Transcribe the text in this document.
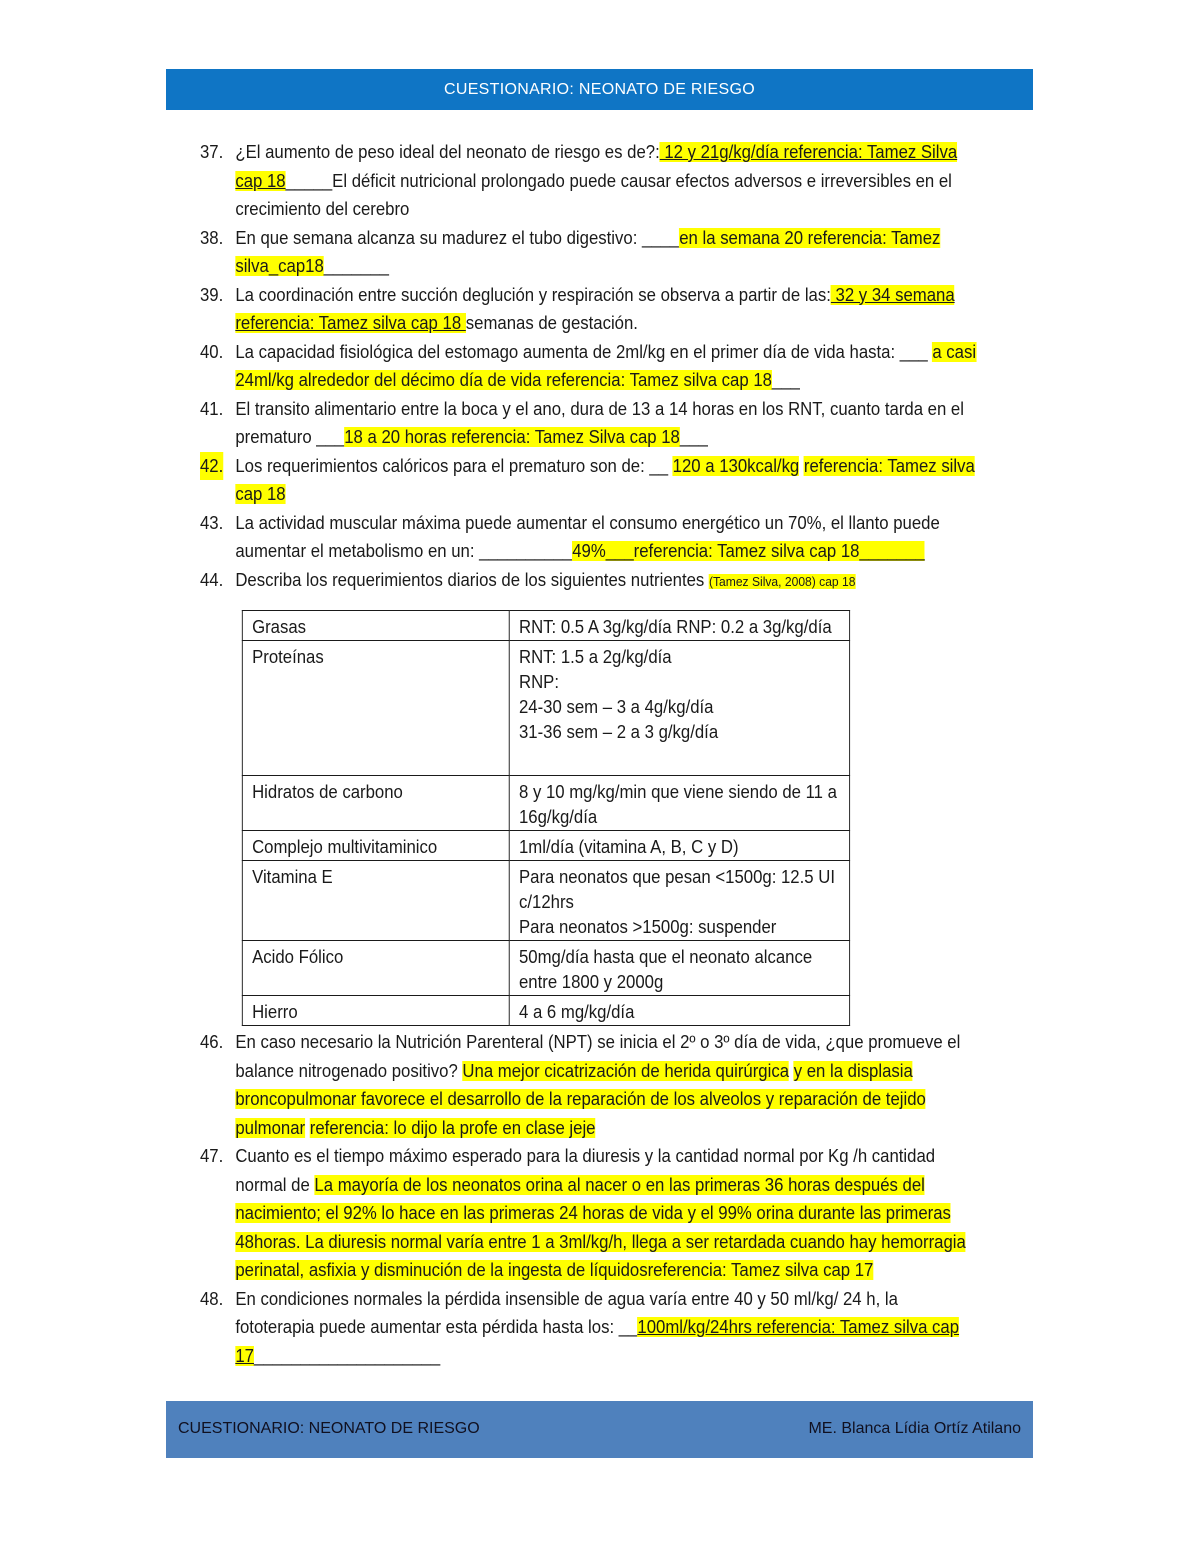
CUESTIONARIO: NEONATO DE RIESGO
37. ¿El aumento de peso ideal del neonato de riesgo es de?: 12 y 21g/kg/día referencia: Tamez Silva cap 18_____El déficit nutricional prolongado puede causar efectos adversos e irreversibles en el crecimiento del cerebro
38. En que semana alcanza su madurez el tubo digestivo: ____en la semana 20 referencia: Tamez silva_cap18_______
39. La coordinación entre succión deglución y respiración se observa a partir de las: 32 y 34 semana referencia: Tamez silva cap 18 semanas de gestación.
40. La capacidad fisiológica del estomago aumenta de 2ml/kg en el primer día de vida hasta: ___ a casi 24ml/kg alrededor del décimo día de vida referencia: Tamez silva cap 18___
41. El transito alimentario entre la boca y el ano, dura de 13 a 14 horas en los RNT, cuanto tarda en el prematuro ___18 a 20 horas referencia: Tamez Silva cap 18___
42. Los requerimientos calóricos para el prematuro son de: __ 120 a 130kcal/kg referencia: Tamez silva cap 18
43. La actividad muscular máxima puede aumentar el consumo energético un 70%, el llanto puede aumentar el metabolismo en un: __________49%___referencia: Tamez silva cap 18_______
44. Describa los requerimientos diarios de los siguientes nutrientes (Tamez Silva, 2008) cap 18
Grasas	RNT: 0.5 A 3g/kg/día RNP: 0.2 a 3g/kg/día

Proteínas	RNT: 1.5 a 2g/kg/día
RNP:
24-30 sem – 3 a 4g/kg/día
31-36 sem – 2 a 3 g/kg/día

Hidratos de carbono	8 y 10 mg/kg/min que viene siendo de 11 a 16g/kg/día

Complejo multivitaminico	1ml/día (vitamina A, B, C y D)

Vitamina E	Para neonatos que pesan <1500g: 12.5 UI c/12hrs
Para neonatos >1500g: suspender

Acido Fólico	50mg/día hasta que el neonato alcance entre 1800 y 2000g

Hierro	4 a 6 mg/kg/día
46. En caso necesario la Nutrición Parenteral (NPT) se inicia el 2º o 3º día de vida, ¿que promueve el balance nitrogenado positivo? Una mejor cicatrización de herida quirúrgica y en la displasia broncopulmonar favorece el desarrollo de la reparación de los alveolos y reparación de tejido pulmonar referencia: lo dijo la profe en clase jeje
47. Cuanto es el tiempo máximo esperado para la diuresis y la cantidad normal por Kg /h cantidad normal de La mayoría de los neonatos orina al nacer o en las primeras 36 horas después del nacimiento; el 92% lo hace en las primeras 24 horas de vida y el 99% orina durante las primeras 48horas. La diuresis normal varía entre 1 a 3ml/kg/h, llega a ser retardada cuando hay hemorragia perinatal, asfixia y disminución de la ingesta de líquidosreferencia: Tamez silva cap 17
48. En condiciones normales la pérdida insensible de agua varía entre 40 y 50 ml/kg/ 24 h, la fototerapia puede aumentar esta pérdida hasta los: __100ml/kg/24hrs referencia: Tamez silva cap 17____________________
CUESTIONARIO: NEONATO DE RIESGO	ME. Blanca Lídia Ortíz Atilano
